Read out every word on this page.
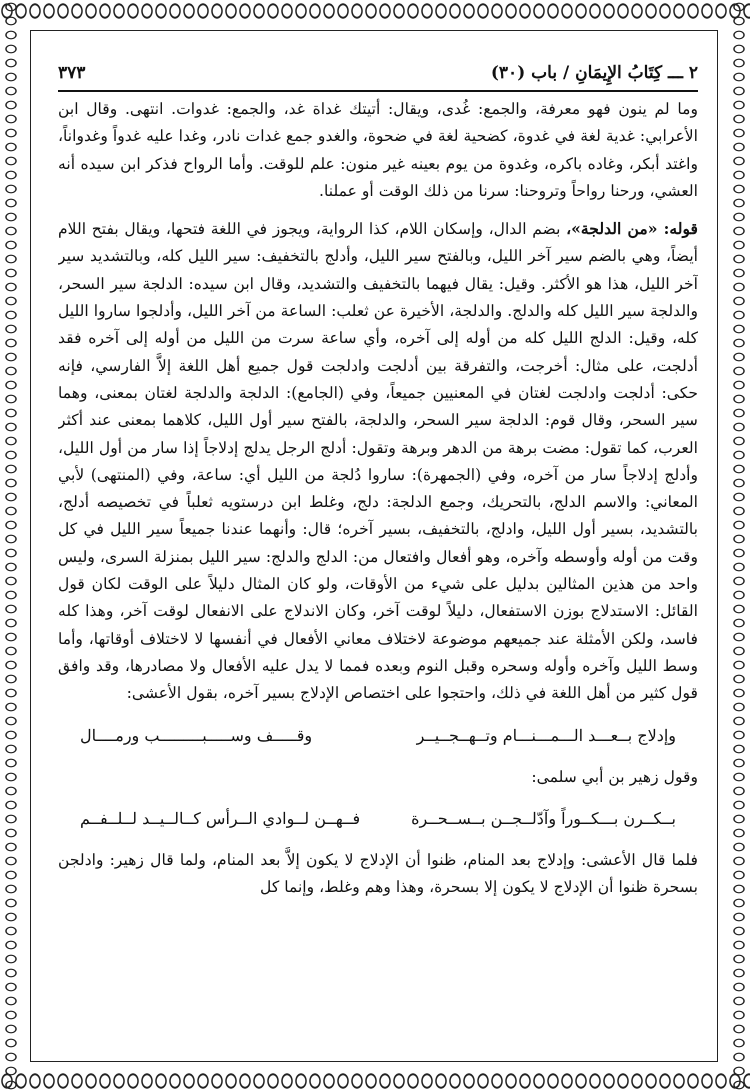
٢ ـــ كِتَابُ الإِيمَانِ / باب (٣٠)
٣٧٣

وما لم ينون فهو معرفة، والجمع: غُدى، ويقال: أتيتك غداة غد، والجمع: غدوات. انتهى. وقال ابن الأعرابي: غدية لغة في غدوة، كضحية لغة في ضحوة، والغدو جمع غدات نادر، وغدا عليه غدواً وغدواناً، واغتد أبكر، وغاده باكره، وغدوة من يوم بعينه غير منون: علم للوقت. وأما الرواح فذكر ابن سيده أنه العشي، ورحنا رواحاً وتروحنا: سرنا من ذلك الوقت أو عملنا.

قوله: «من الدلجة»، بضم الدال، وإسكان اللام، كذا الرواية، ويجوز في اللغة فتحها، ويقال بفتح اللام أيضاً، وهي بالضم سير آخر الليل، وبالفتح سير الليل، وأدلج بالتخفيف: سير الليل كله، وبالتشديد سير آخر الليل، هذا هو الأكثر. وقيل: يقال فيهما بالتخفيف والتشديد، وقال ابن سيده: الدلجة سير السحر، والدلجة سير الليل كله والدلج. والدلجة، الأخيرة عن ثعلب: الساعة من آخر الليل، وأدلجوا ساروا الليل كله، وقيل: الدلج الليل كله من أوله إلى آخره، وأي ساعة سرت من الليل من أوله إلى آخره فقد أدلجت، على مثال: أخرجت، والتفرقة بين أدلجت وادلجت قول جميع أهل اللغة إلاَّ الفارسي، فإنه حكى: أدلجت وادلجت لغتان في المعنيين جميعاً، وفي (الجامع): الدلجة والدلجة لغتان بمعنى، وهما سير السحر، وقال قوم: الدلجة سير السحر، والدلجة، بالفتح سير أول الليل، كلاهما بمعنى عند أكثر العرب، كما تقول: مضت برهة من الدهر وبرهة وتقول: أدلج الرجل يدلج إدلاجاً إذا سار من أول الليل، وأدلج إدلاجاً سار من آخره، وفي (الجمهرة): ساروا دُلجة من الليل أي: ساعة، وفي (المنتهى) لأبي المعاني: والاسم الدلج، بالتحريك، وجمع الدلجة: دلج، وغلط ابن درستويه ثعلباً في تخصيصه أدلج، بالتشديد، بسير أول الليل، وادلج، بالتخفيف، بسير آخره؛ قال: وأنهما عندنا جميعاً سير الليل في كل وقت من أوله وأوسطه وآخره، وهو أفعال وافتعال من: الدلج والدلج: سير الليل بمنزلة السرى، وليس واحد من هذين المثالين بدليل على شيء من الأوقات، ولو كان المثال دليلاً على الوقت لكان قول القائل: الاستدلاج بوزن الاستفعال، دليلاً لوقت آخر، وكان الاندلاج على الانفعال لوقت آخر، وهذا كله فاسد، ولكن الأمثلة عند جميعهم موضوعة لاختلاف معاني الأفعال في أنفسها لا لاختلاف أوقاتها، وأما وسط الليل وآخره وأوله وسحره وقبل النوم وبعده فمما لا يدل عليه الأفعال ولا مصادرها، وقد وافق قول كثير من أهل اللغة في ذلك، واحتجوا على اختصاص الإدلاج بسير آخره، بقول الأعشى:

وإدلاج بــعـــد الـــمـــنـــام وتــهــجــيــر
وقـــــف وســـــبـــــــــب ورمــــال

وقول زهير بن أبي سلمى:

بــكــرن بـــكــوراً وآدّلــجــن بــســحــرة
فــهــن لــوادي الــرأس كــالــيــد لــلــفــم

فلما قال الأعشى: وإدلاج بعد المنام، ظنوا أن الإدلاج لا يكون إلاَّ بعد المنام، ولما قال زهير: وادلجن بسحرة ظنوا أن الإدلاج لا يكون إلا بسحرة، وهذا وهم وغلط، وإنما كل
